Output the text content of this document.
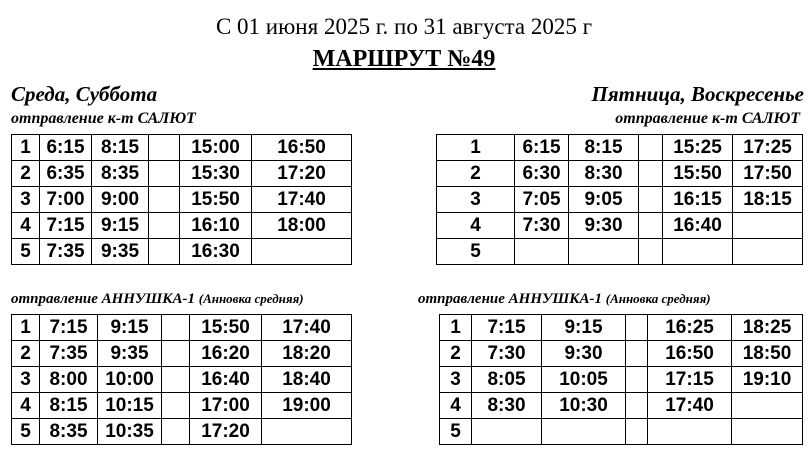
С 01 июня 2025 г. по 31 августа 2025 г
МАРШРУТ №49
Среда, Суббота	Пятница, Воскресенье
отправление к-т САЛЮТ	отправление к-т САЛЮТ
отправление АННУШКА-1 (Анновка средняя)	отправление АННУШКА-1 (Анновка средняя)
1	6:15	8:15		15:00	16:50
2	6:35	8:35		15:30	17:20
3	7:00	9:00		15:50	17:40
4	7:15	9:15		16:10	18:00
5	7:35	9:35		16:30	
1	6:15	8:15		15:25	17:25
2	6:30	8:30		15:50	17:50
3	7:05	9:05		16:15	18:15
4	7:30	9:30		16:40	
5					
1	7:15	9:15		15:50	17:40
2	7:35	9:35		16:20	18:20
3	8:00	10:00		16:40	18:40
4	8:15	10:15		17:00	19:00
5	8:35	10:35		17:20	
1	7:15	9:15		16:25	18:25
2	7:30	9:30		16:50	18:50
3	8:05	10:05		17:15	19:10
4	8:30	10:30		17:40	
5					
